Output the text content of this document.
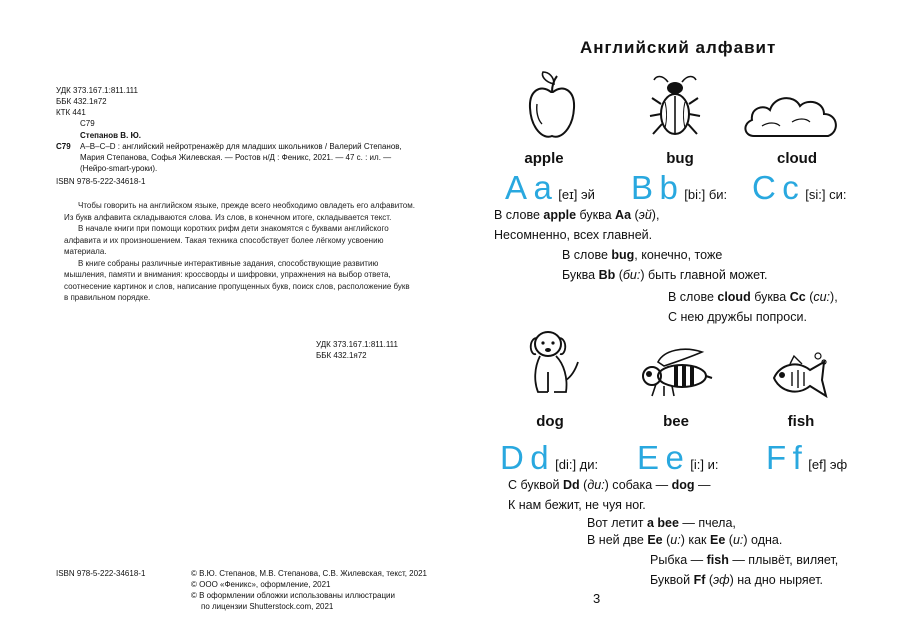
УДК 373.167.1:811.111
ББК 432.1я72
КТК 441
С79
Степанов В. Ю.
С79 А–В–С–D : английский нейротренажёр для младших школьников / Валерий Степанов,
Мария Степанова, Софья Жилевская. — Ростов н/Д : Феникс, 2021. — 47 с. : ил. —
(Нейро-smart-уроки).
ISBN 978-5-222-34618-1

Чтобы говорить на английском языке, прежде всего необходимо овладеть его алфавитом. Из букв алфавита складываются слова. Из слов, в конечном итоге, складывается текст.

В начале книги при помощи коротких рифм дети знакомятся с буквами английского алфавита и их произношением. Такая техника способствует более лёгкому усвоению материала.

В книге собраны различные интерактивные задания, способствующие развитию мышления, памяти и внимания: кроссворды и шифровки, упражнения на выбор ответа, соотнесение картинок и слов, написание пропущенных букв, поиск слов, расположение букв в правильном порядке.

УДК 373.167.1:811.111
ББК 432.1я72
ISBN 978-5-222-34618-1	© В.Ю. Степанов, М.В. Степанова, С.В. Жилевская, текст, 2021
© ООО «Феникс», оформление, 2021
© В оформлении обложки использованы иллюстрации
по лицензии Shutterstock.com, 2021
Английский алфавит
apple	bug	cloud
A a [eɪ] эй B b [bi:] би: C c [si:] си:
В слове apple буква Aa (эй),
Несомненно, всех главней.
В слове bug, конечно, тоже
Буква Bb (би:) быть главной может.
В слове cloud буква Cc (си:),
С нею дружбы попроси.
dog	bee	fish
D d [di:] ди: E e [i:] и: F f [ef] эф
С буквой Dd (ди:) собака — dog —
К нам бежит, не чуя ног.
Вот летит a bee — пчела,
В ней две Ee (и:) как Ee (и:) одна.
Рыбка — fish — плывёт, виляет,
Буквой Ff (эф) на дно ныряет.
3
